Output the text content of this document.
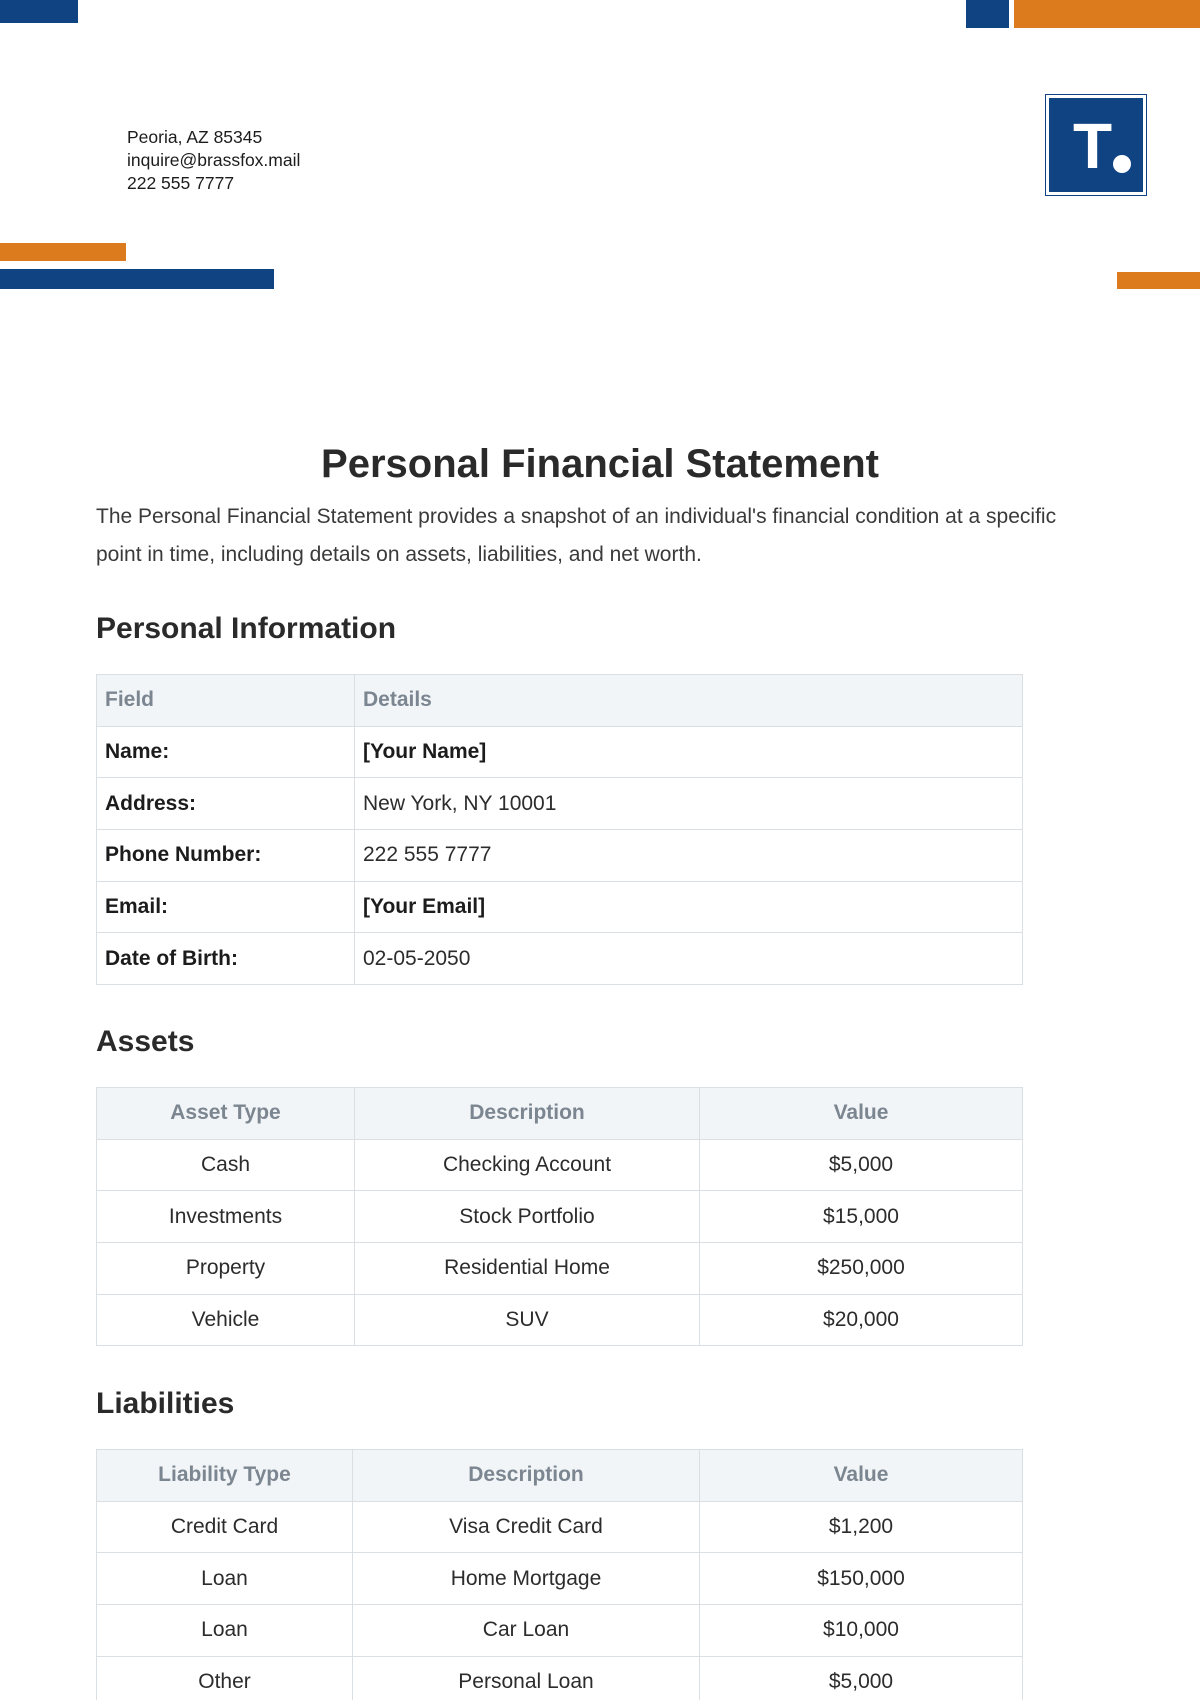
Peoria, AZ 85345
inquire@brassfox.mail
222 555 7777
T
Personal Financial Statement

The Personal Financial Statement provides a snapshot of an individual's financial condition at a specific point in time, including details on assets, liabilities, and net worth.

Personal Information
Field	Details
Name:	[Your Name]
Address:	New York, NY 10001
Phone Number:	222 555 7777
Email:	[Your Email]
Date of Birth:	02-05-2050
Assets
Asset Type	Description	Value
Cash	Checking Account	$5,000
Investments	Stock Portfolio	$15,000
Property	Residential Home	$250,000
Vehicle	SUV	$20,000
Liabilities
Liability Type	Description	Value
Credit Card	Visa Credit Card	$1,200
Loan	Home Mortgage	$150,000
Loan	Car Loan	$10,000
Other	Personal Loan	$5,000
